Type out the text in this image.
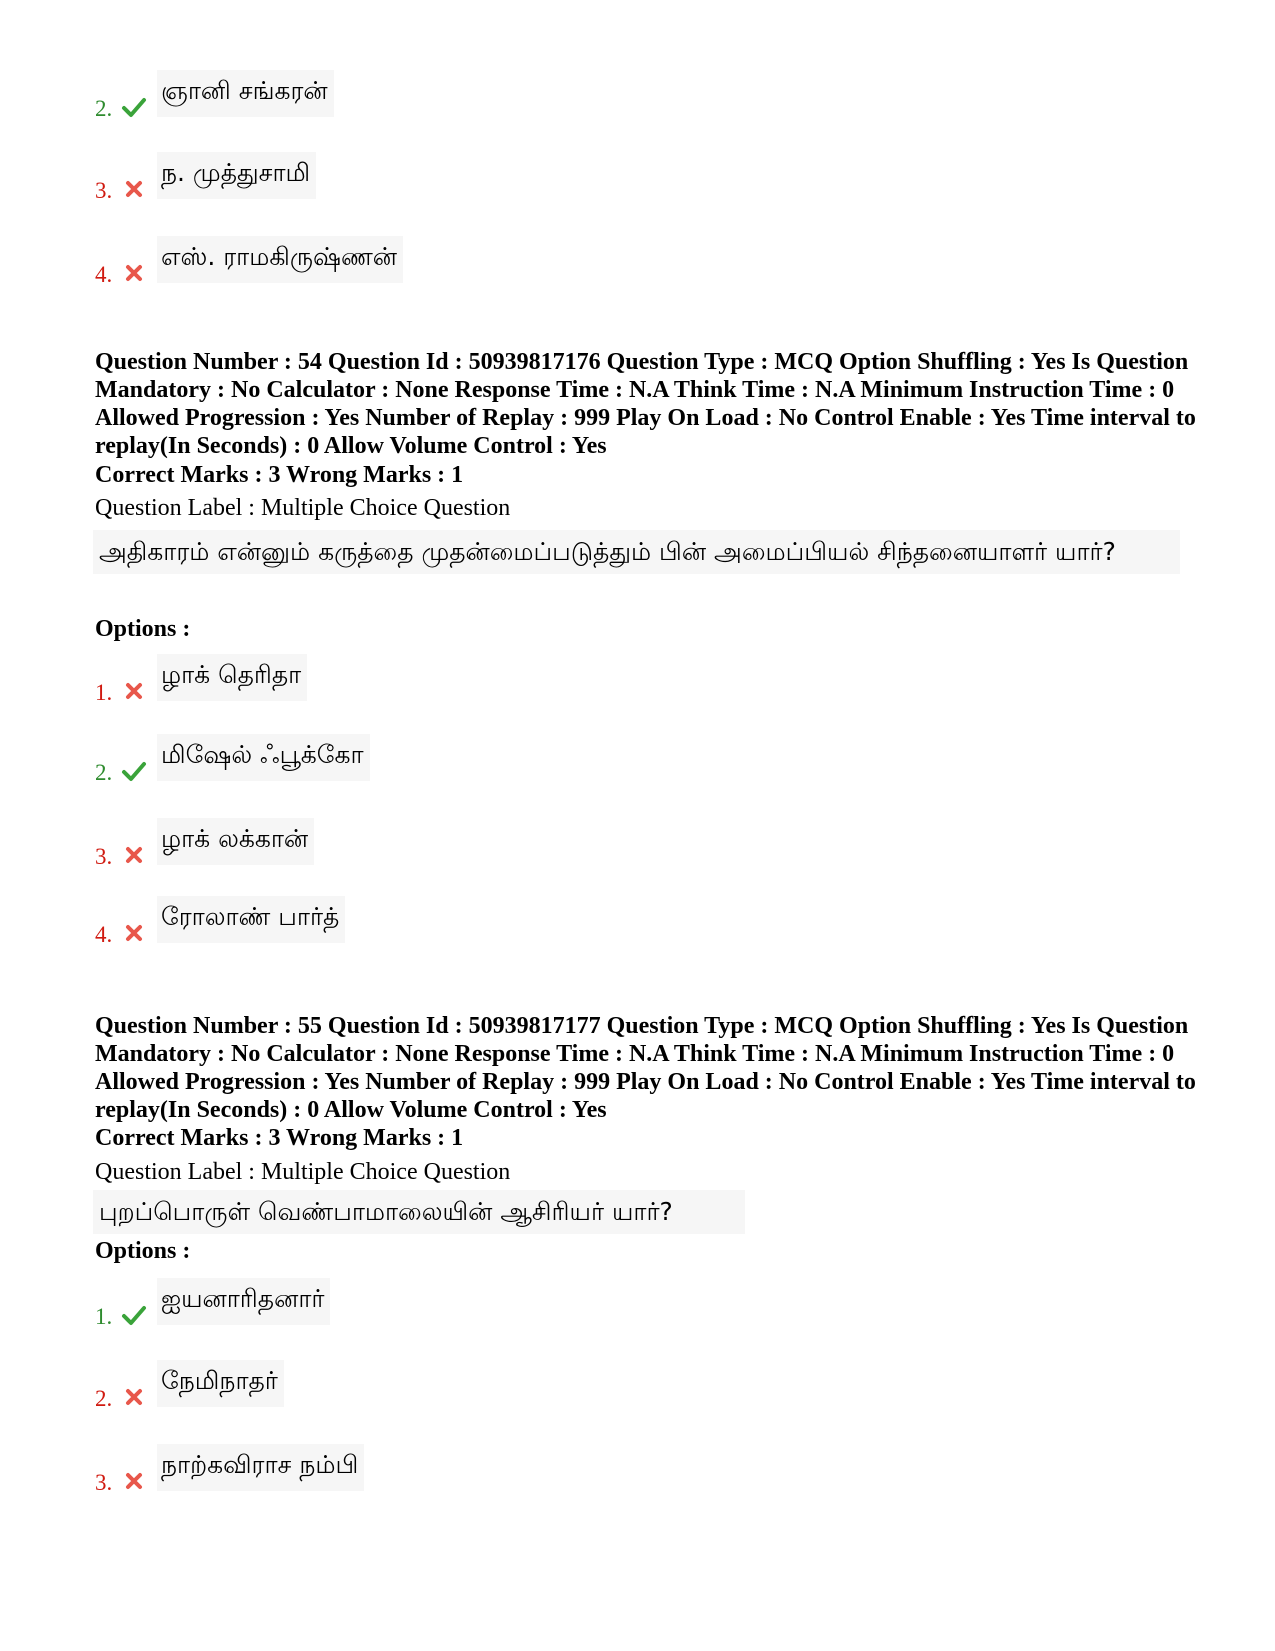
2.
ஞானி சங்கரன்
3.
ந. முத்துசாமி
4.
எஸ். ராமகிருஷ்ணன்
Question Number : 54 Question Id : 50939817176 Question Type : MCQ Option Shuffling : Yes Is Question Mandatory : No Calculator : None Response Time : N.A Think Time : N.A Minimum Instruction Time : 0 Allowed Progression : Yes Number of Replay : 999 Play On Load : No Control Enable : Yes Time interval to replay(In Seconds) : 0 Allow Volume Control : Yes
Correct Marks : 3 Wrong Marks : 1
Question Label : Multiple Choice Question
அதிகாரம் என்னும் கருத்தை முதன்மைப்படுத்தும் பின் அமைப்பியல் சிந்தனையாளர் யார்?
Options :
1.
ழாக் தெரிதா
2.
மிஷேல் ஃபூக்கோ
3.
ழாக் லக்கான்
4.
ரோலாண் பார்த்
Question Number : 55 Question Id : 50939817177 Question Type : MCQ Option Shuffling : Yes Is Question Mandatory : No Calculator : None Response Time : N.A Think Time : N.A Minimum Instruction Time : 0 Allowed Progression : Yes Number of Replay : 999 Play On Load : No Control Enable : Yes Time interval to replay(In Seconds) : 0 Allow Volume Control : Yes
Correct Marks : 3 Wrong Marks : 1
Question Label : Multiple Choice Question
புறப்பொருள் வெண்பாமாலையின் ஆசிரியர் யார்?
Options :
1.
ஐயனாரிதனார்
2.
நேமிநாதர்
3.
நாற்கவிராச நம்பி
